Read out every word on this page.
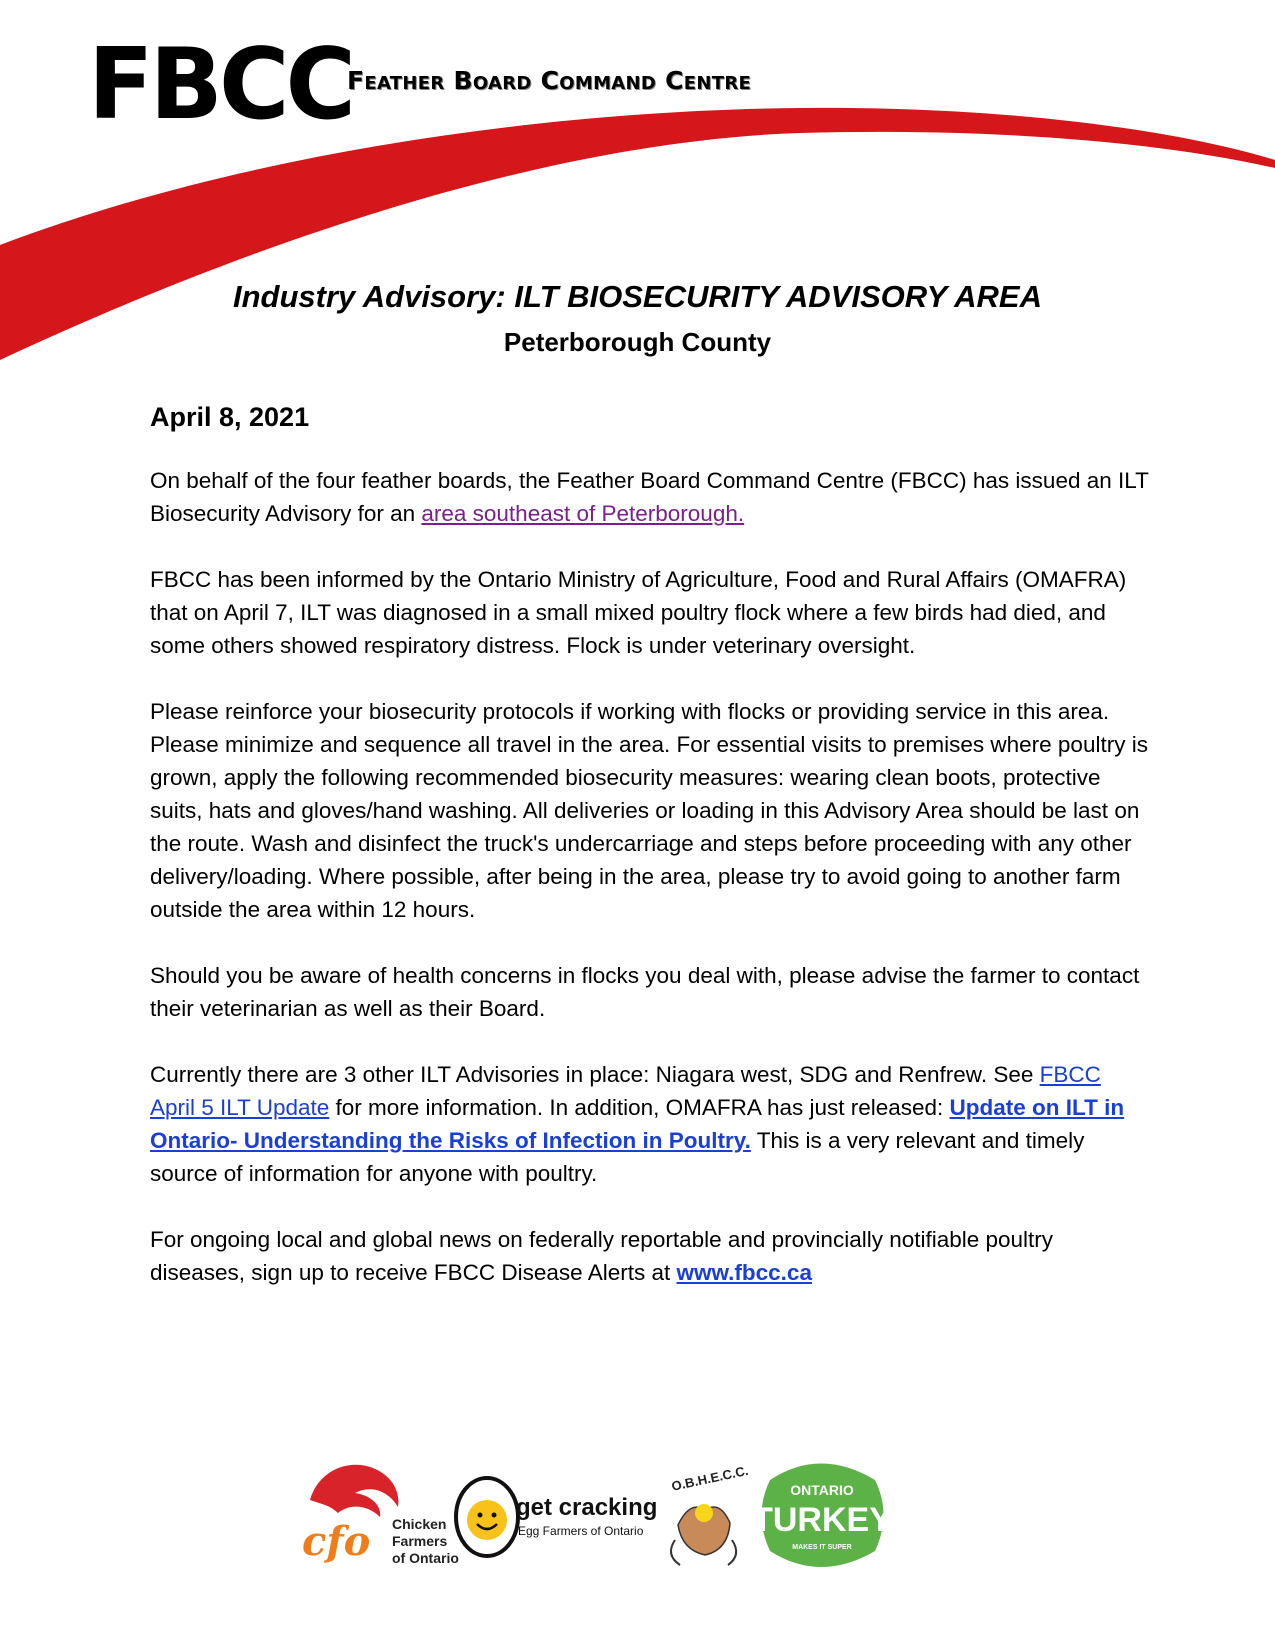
FBCC
Feather Board Command Centre
Industry Advisory: ILT BIOSECURITY ADVISORY AREA
Peterborough County
April 8, 2021

On behalf of the four feather boards, the Feather Board Command Centre (FBCC) has issued an ILT Biosecurity Advisory for an area southeast of Peterborough.

FBCC has been informed by the Ontario Ministry of Agriculture, Food and Rural Affairs (OMAFRA) that on April 7, ILT was diagnosed in a small mixed poultry flock where a few birds had died, and some others showed respiratory distress. Flock is under veterinary oversight.

Please reinforce your biosecurity protocols if working with flocks or providing service in this area. Please minimize and sequence all travel in the area. For essential visits to premises where poultry is grown, apply the following recommended biosecurity measures: wearing clean boots, protective suits, hats and gloves/hand washing. All deliveries or loading in this Advisory Area should be last on the route. Wash and disinfect the truck's undercarriage and steps before proceeding with any other delivery/loading. Where possible, after being in the area, please try to avoid going to another farm outside the area within 12 hours.

Should you be aware of health concerns in flocks you deal with, please advise the farmer to contact their veterinarian as well as their Board.

Currently there are 3 other ILT Advisories in place: Niagara west, SDG and Renfrew. See FBCC April 5 ILT Update for more information. In addition, OMAFRA has just released: Update on ILT in Ontario- Understanding the Risks of Infection in Poultry. This is a very relevant and timely source of information for anyone with poultry.

For ongoing local and global news on federally reportable and provincially notifiable poultry diseases, sign up to receive FBCC Disease Alerts at www.fbcc.ca

cfo Chicken
Farmers
of Ontario
get cracking
Egg Farmers of Ontario
O.B.H.E.C.C.	ONTARIO
TURKEY
MAKES IT SUPER
